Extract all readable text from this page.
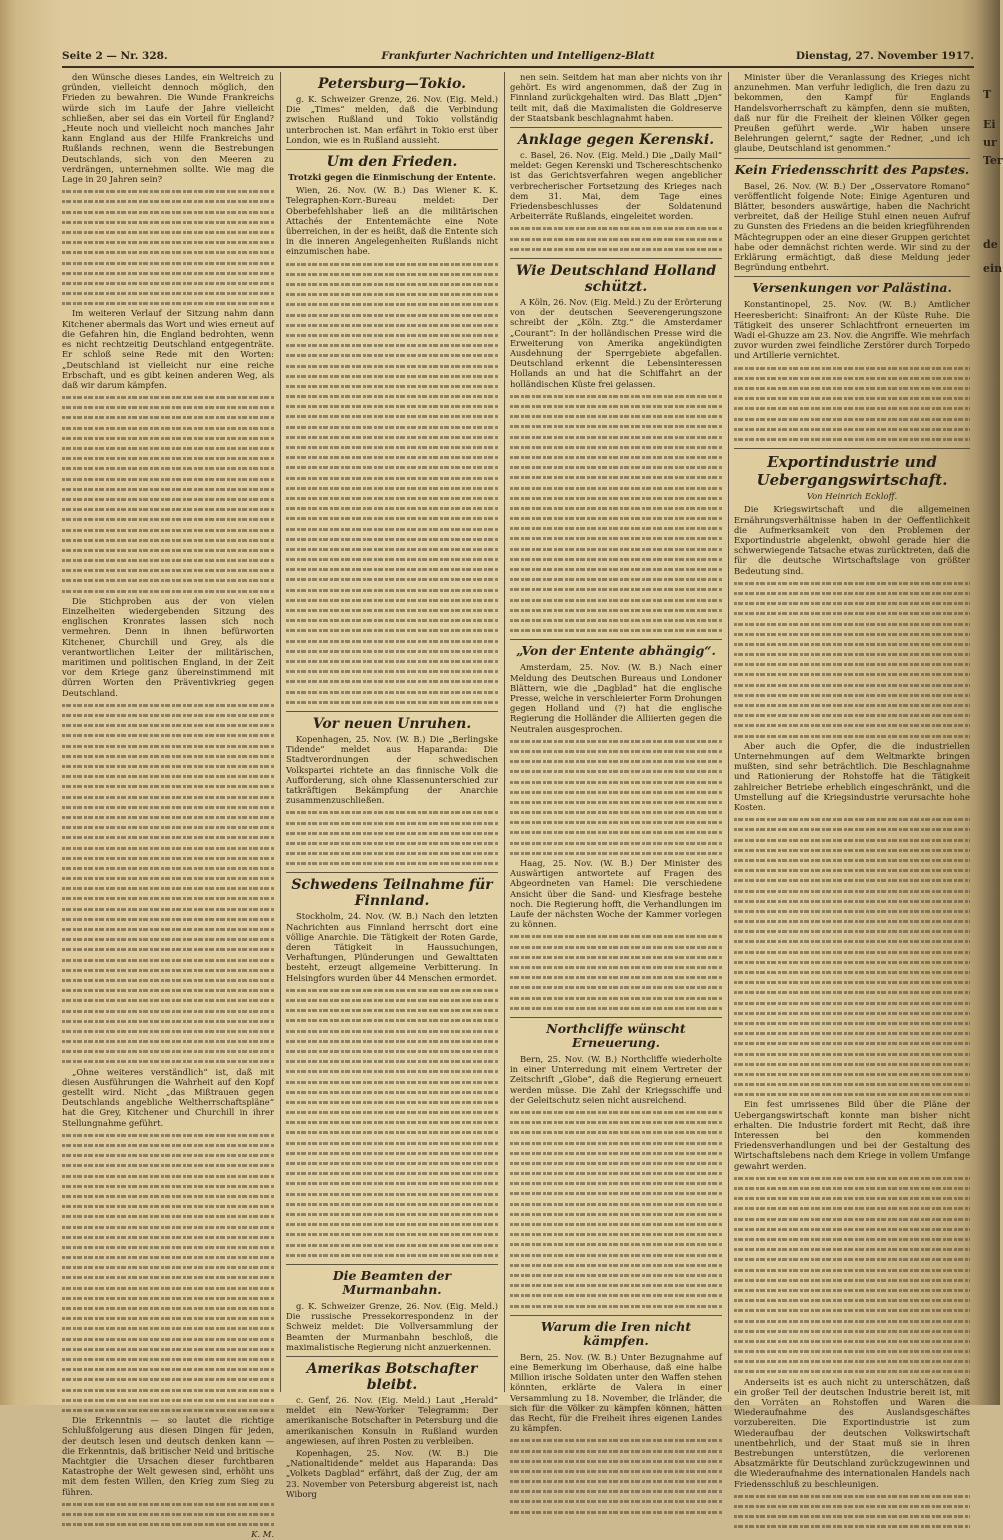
Seite 2 — Nr. 328.	Frankfurter Nachrichten und Intelligenz-Blatt	Dienstag, 27. November 1917.

den Wünsche dieses Landes, ein Weltreich zu gründen, vielleicht dennoch möglich, den Frieden zu bewahren. Die Wunde Frankreichs würde sich im Laufe der Jahre vielleicht schließen, aber sei das ein Vorteil für England? „Heute noch und vielleicht noch manches Jahr kann England aus der Hilfe Frankreichs und Rußlands rechnen, wenn die Bestrebungen Deutschlands, sich von den Meeren zu verdrängen, unternehmen sollte. Wie mag die Lage in 20 Jahren sein?

Im weiteren Verlauf der Sitzung nahm dann Kitchener abermals das Wort und wies erneut auf die Gefahren hin, die England bedrohten, wenn es nicht rechtzeitig Deutschland entgegenträte. Er schloß seine Rede mit den Worten: „Deutschland ist vielleicht nur eine reiche Erbschaft, und es gibt keinen anderen Weg, als daß wir darum kämpfen.

Die Stichproben aus der von vielen Einzelheiten wiedergebenden Sitzung des englischen Kronrates lassen sich noch vermehren. Denn in ihnen befürworten Kitchener, Churchill und Grey, als die verantwortlichen Leiter der militärischen, maritimen und politischen England, in der Zeit vor dem Kriege ganz übereinstimmend mit dürren Worten den Präventivkrieg gegen Deutschland.

„Ohne weiteres verständlich“ ist, daß mit diesen Ausführungen die Wahrheit auf den Kopf gestellt wird. Nicht „das Mißtrauen gegen Deutschlands angebliche Weltherrschaftspläne“ hat die Grey, Kitchener und Churchill in ihrer Stellungnahme geführt.

Die Erkenntnis — so lautet die richtige Schlußfolgerung aus diesen Dingen für jeden, der deutsch lesen und deutsch denken kann — die Erkenntnis, daß britischer Neid und britische Machtgier die Ursachen dieser furchtbaren Katastrophe der Welt gewesen sind, erhöht uns mit dem festen Willen, den Krieg zum Sieg zu führen.

K. M.
Petersburg—Tokio.

g. K. Schweizer Grenze, 26. Nov. (Eig. Meld.) Die „Times“ melden, daß die Verbindung zwischen Rußland und Tokio vollständig unterbrochen ist. Man erfährt in Tokio erst über London, wie es in Rußland aussieht.

Um den Frieden.
Trotzki gegen die Einmischung der Entente.

Wien, 26. Nov. (W. B.) Das Wiener K. K. Telegraphen-Korr.-Bureau meldet: Der Oberbefehlshaber ließ an die militärischen Attachés der Ententemächte eine Note überreichen, in der es heißt, daß die Entente sich in die inneren Angelegenheiten Rußlands nicht einzumischen habe.

Vor neuen Unruhen.

Kopenhagen, 25. Nov. (W. B.) Die „Berlingske Tidende“ meldet aus Haparanda: Die Stadtverordnungen der schwedischen Volkspartei richtete an das finnische Volk die Aufforderung, sich ohne Klassenunterschied zur tatkräftigen Bekämpfung der Anarchie zusammenzuschließen.

Schwedens Teilnahme für Finnland.

Stockholm, 24. Nov. (W. B.) Nach den letzten Nachrichten aus Finnland herrscht dort eine völlige Anarchie. Die Tätigkeit der Roten Garde, deren Tätigkeit in Haussuchungen, Verhaftungen, Plünderungen und Gewalttaten besteht, erzeugt allgemeine Verbitterung. In Helsingfors wurden über 44 Menschen ermordet.

Die Beamten der Murmanbahn.

g. K. Schweizer Grenze, 26. Nov. (Eig. Meld.) Die russische Pressekorrespondenz in der Schweiz meldet: Die Vollversammlung der Beamten der Murmanbahn beschloß, die maximalistische Regierung nicht anzuerkennen.

Amerikas Botschafter bleibt.

c. Genf, 26. Nov. (Eig. Meld.) Laut „Herald“ meldet ein New-Yorker Telegramm: Der amerikanische Botschafter in Petersburg und die amerikanischen Konsuln in Rußland wurden angewiesen, auf ihren Posten zu verbleiben.

Kopenhagen, 25. Nov. (W. B.) Die „Nationaltidende“ meldet aus Haparanda: Das „Volkets Dagblad“ erfährt, daß der Zug, der am 23. November von Petersburg abgereist ist, nach Wiborg

nen sein. Seitdem hat man aber nichts von ihr gehört. Es wird angenommen, daß der Zug in Finnland zurückgehalten wird. Das Blatt „Djen“ teilt mit, daß die Maximalisten die Goldreserve der Staatsbank beschlagnahmt haben.

Anklage gegen Kerenski.

c. Basel, 26. Nov. (Eig. Meld.) Die „Daily Mail“ meldet: Gegen Kerenski und Tschereschtschenko ist das Gerichtsverfahren wegen angeblicher verbrecherischer Fortsetzung des Krieges nach dem 31. Mai, dem Tage eines Friedensbeschlusses der Soldatenund Arbeiterräte Rußlands, eingeleitet worden.

Wie Deutschland Holland schützt.

A Köln, 26. Nov. (Eig. Meld.) Zu der Erörterung von der deutschen Seeverengerungszone schreibt der „Köln. Ztg.“ die Amsterdamer „Courant“: In der holländischen Presse wird die Erweiterung von Amerika angekündigten Ausdehnung der Sperrgebiete abgefallen. Deutschland erkennt die Lebensinteressen Hollands an und hat die Schiffahrt an der holländischen Küste frei gelassen.

„Von der Entente abhängig“.

Amsterdam, 25. Nov. (W. B.) Nach einer Meldung des Deutschen Bureaus und Londoner Blättern, wie die „Dagblad“ hat die englische Presse, welche in verschleierter Form Drohungen gegen Holland und (?) hat die englische Regierung die Holländer die Alliierten gegen die Neutralen ausgesprochen.

Haag, 25. Nov. (W. B.) Der Minister des Auswärtigen antwortete auf Fragen des Abgeordneten van Hamel: Die verschiedene Ansicht über die Sand- und Kiesfrage bestehe noch. Die Regierung hofft, die Verhandlungen im Laufe der nächsten Woche der Kammer vorlegen zu können.

Northcliffe wünscht Erneuerung.

Bern, 25. Nov. (W. B.) Northcliffe wiederholte in einer Unterredung mit einem Vertreter der Zeitschrift „Globe“, daß die Regierung erneuert werden müsse. Die Zahl der Kriegsschiffe und der Geleitschutz seien nicht ausreichend.

Warum die Iren nicht kämpfen.

Bern, 25. Nov. (W. B.) Unter Bezugnahme auf eine Bemerkung im Oberhause, daß eine halbe Million irische Soldaten unter den Waffen stehen könnten, erklärte de Valera in einer Versammlung zu 18. November, die Irländer, die sich für die Völker zu kämpfen können, hätten das Recht, für die Freiheit ihres eigenen Landes zu kämpfen.

Minister über die Veranlassung des Krieges nicht anzunehmen. Man verfuhr lediglich, die Iren dazu zu bekommen, den Kampf für Englands Handelsvorherrschaft zu kämpfen, denn sie mußten, daß nur für die Freiheit der kleinen Völker gegen Preußen geführt werde. „Wir haben unsere Belehrungen gelernt,“ sagte der Redner, „und ich glaube, Deutschland ist genommen.“

Kein Friedensschritt des Papstes.

Basel, 26. Nov. (W. B.) Der „Osservatore Romano“ veröffentlicht folgende Note: Einige Agenturen und Blätter, besonders auswärtige, haben die Nachricht verbreitet, daß der Heilige Stuhl einen neuen Aufruf zu Gunsten des Friedens an die beiden kriegführenden Mächtegruppen oder an eine dieser Gruppen gerichtet habe oder demnächst richten werde. Wir sind zu der Erklärung ermächtigt, daß diese Meldung jeder Begründung entbehrt.

Versenkungen vor Palästina.

Konstantinopel, 25. Nov. (W. B.) Amtlicher Heeresbericht: Sinaifront: An der Küste Ruhe. Die Tätigkeit des unserer Schlachtfront erneuerten im Wadi el-Ghuzze am 23. Nov. die Angriffe. Wie mehrfach zuvor wurden zwei feindliche Zerstörer durch Torpedo und Artillerie vernichtet.

Exportindustrie und Uebergangswirtschaft.
Von Heinrich Eckloff.

Die Kriegswirtschaft und die allgemeinen Ernährungsverhältnisse haben in der Oeffentlichkeit die Aufmerksamkeit von den Problemen der Exportindustrie abgelenkt, obwohl gerade hier die schwerwiegende Tatsache etwas zurücktreten, daß die für die deutsche Wirtschaftslage von größter Bedeutung sind.

Aber auch die Opfer, die die industriellen Unternehmungen auf dem Weltmarkte bringen mußten, sind sehr beträchtlich. Die Beschlagnahme und Rationierung der Rohstoffe hat die Tätigkeit zahlreicher Betriebe erheblich eingeschränkt, und die Umstellung auf die Kriegsindustrie verursachte hohe Kosten.

Ein fest umrissenes Bild über die Pläne der Uebergangswirtschaft konnte man bisher nicht erhalten. Die Industrie fordert mit Recht, daß ihre Interessen bei den kommenden Friedensverhandlungen und bei der Gestaltung des Wirtschaftslebens nach dem Kriege in vollem Umfange gewahrt werden.

Anderseits ist es auch nicht zu unterschätzen, daß ein großer Teil der deutschen Industrie bereit ist, mit den Vorräten an Rohstoffen und Waren die Wiederaufnahme des Auslandsgeschäftes vorzubereiten. Die Exportindustrie ist zum Wiederaufbau der deutschen Volkswirtschaft unentbehrlich, und der Staat muß sie in ihren Bestrebungen unterstützen, die verlorenen Absatzmärkte für Deutschland zurückzugewinnen und die Wiederaufnahme des internationalen Handels nach Friedensschluß zu beschleunigen.

T
Ei
ur
Ter
de
ein
